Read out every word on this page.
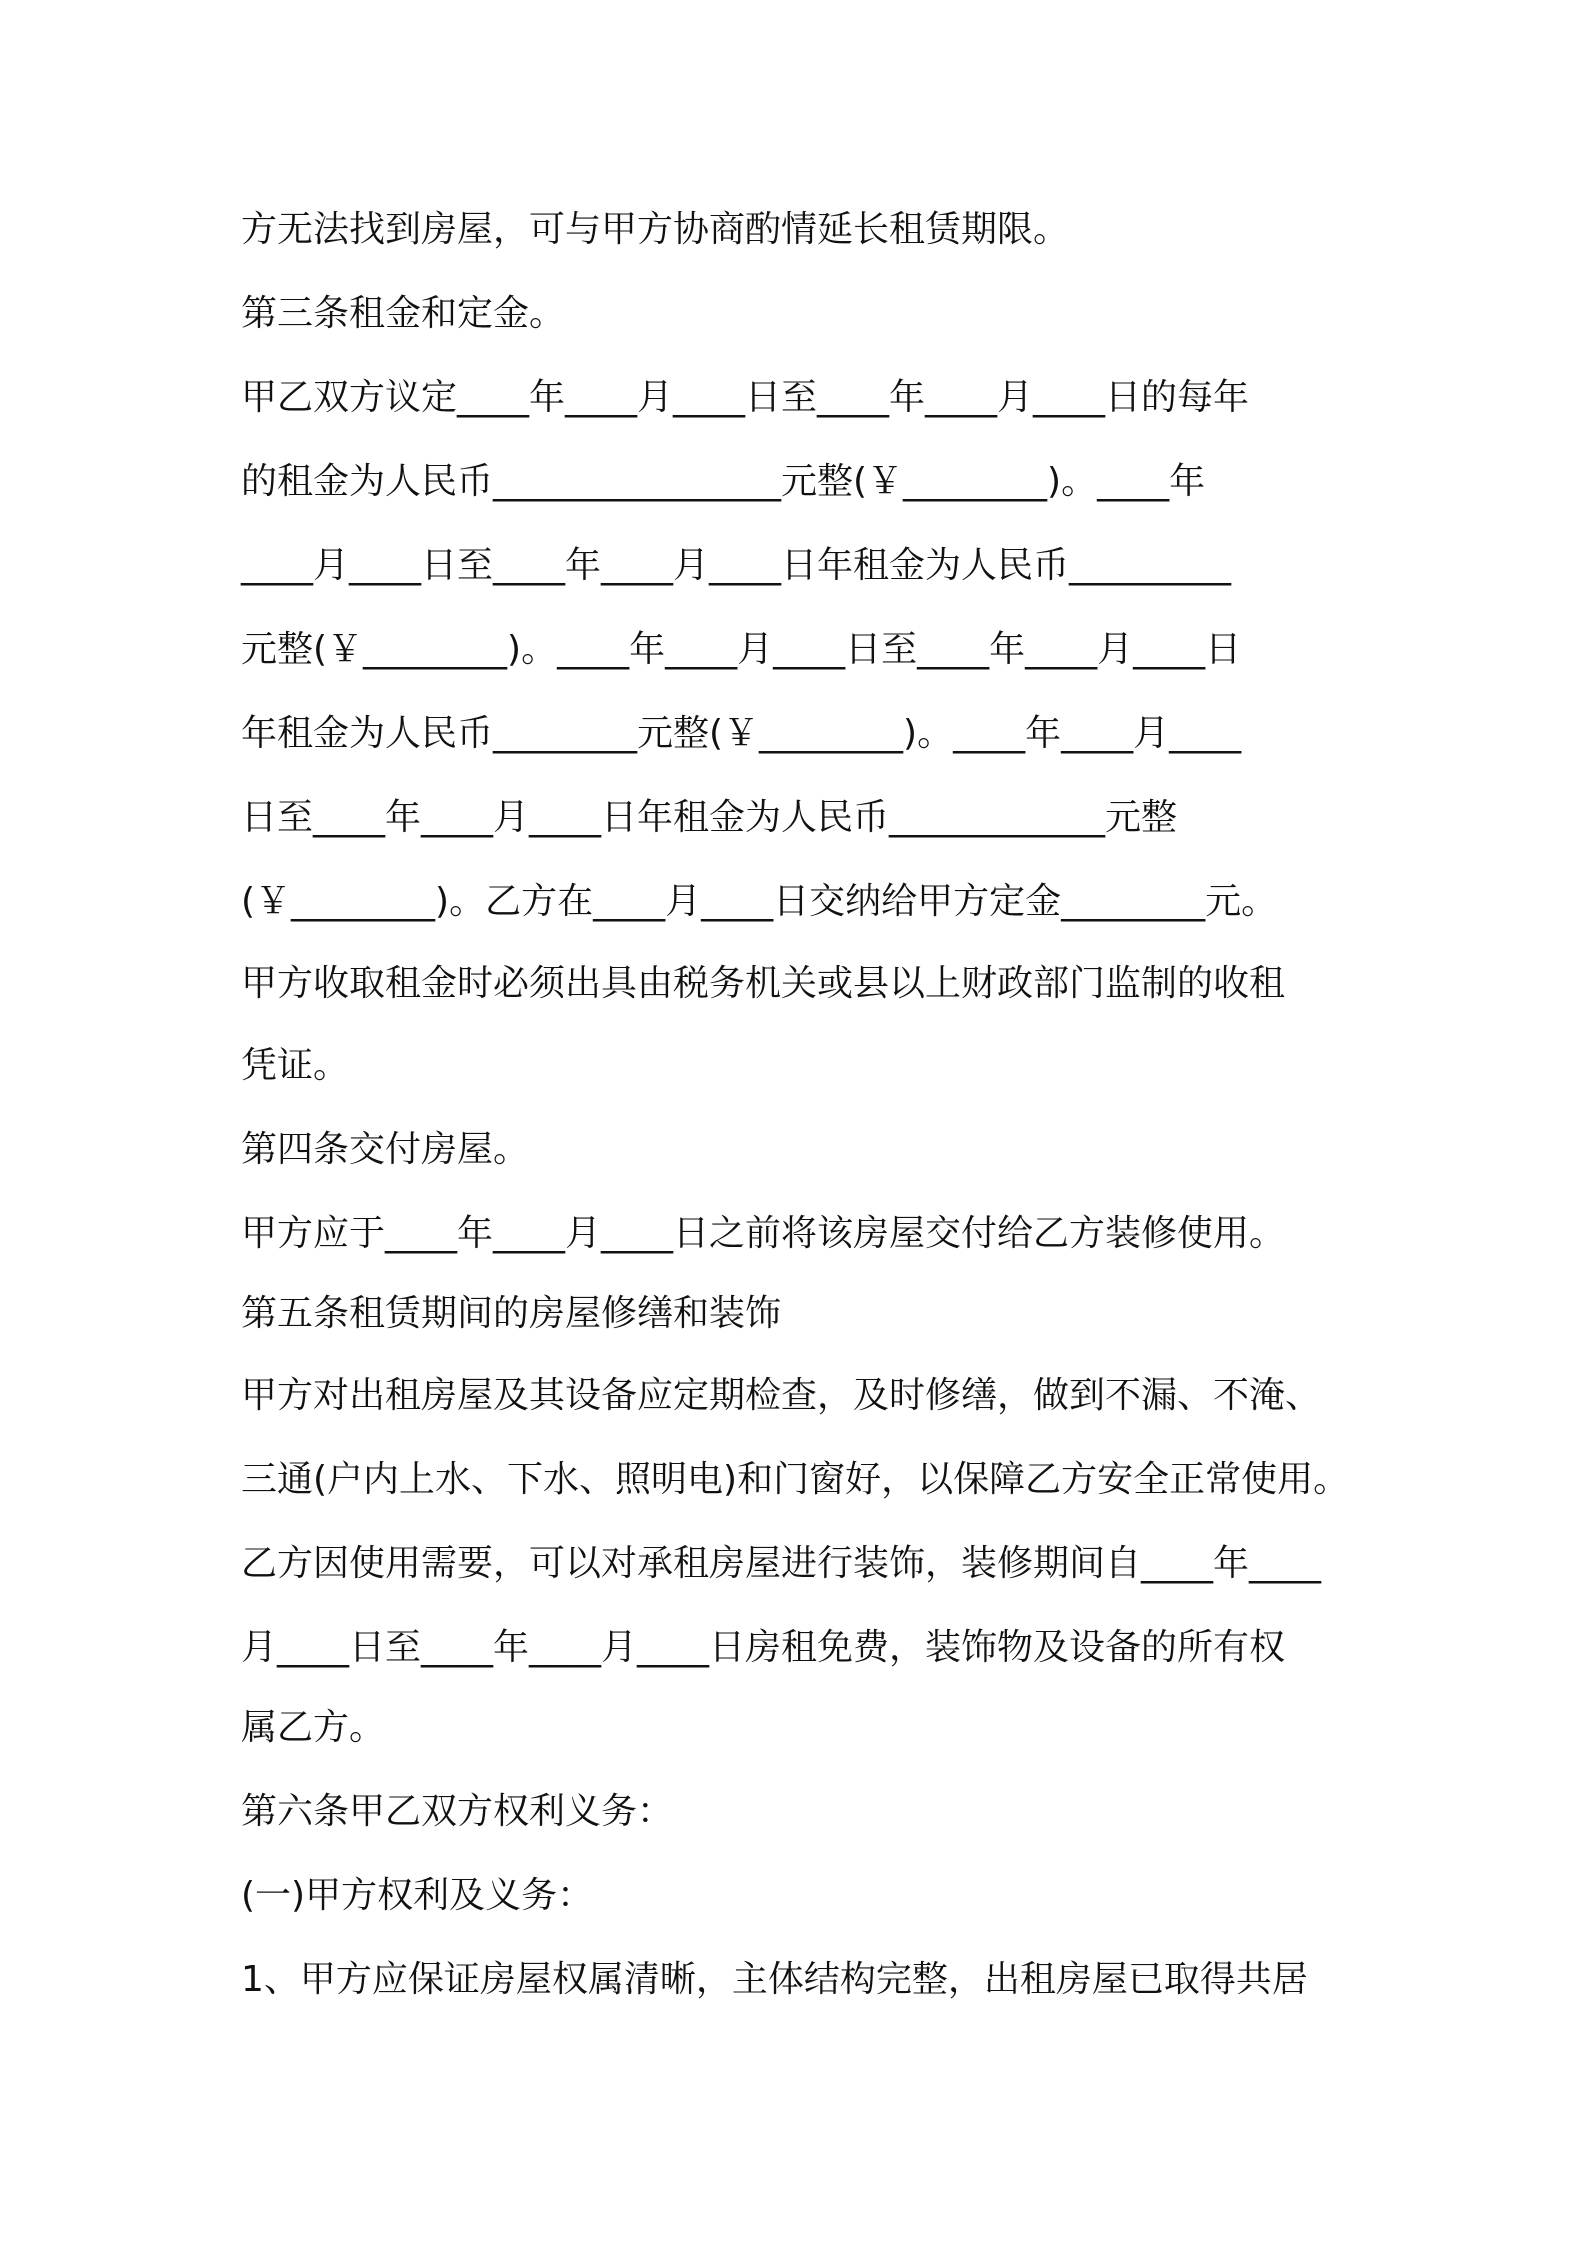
方无法找到房屋，可与甲方协商酌情延长租赁期限。
第三条租金和定金。
甲乙双方议定____年____月____日至____年____月____日的每年
的租金为人民币________________元整(￥________)。____年
____月____日至____年____月____日年租金为人民币_________
元整(￥________)。____年____月____日至____年____月____日
年租金为人民币________元整(￥________)。____年____月____
日至____年____月____日年租金为人民币____________元整
(￥________)。乙方在____月____日交纳给甲方定金________元。
甲方收取租金时必须出具由税务机关或县以上财政部门监制的收租
凭证。
第四条交付房屋。
甲方应于____年____月____日之前将该房屋交付给乙方装修使用。
第五条租赁期间的房屋修缮和装饰
甲方对出租房屋及其设备应定期检查，及时修缮，做到不漏、不淹、
三通(户内上水、下水、照明电)和门窗好，以保障乙方安全正常使用。
乙方因使用需要，可以对承租房屋进行装饰，装修期间自____年____
月____日至____年____月____日房租免费，装饰物及设备的所有权
属乙方。
第六条甲乙双方权利义务：
(一)甲方权利及义务：
1、甲方应保证房屋权属清晰，主体结构完整，出租房屋已取得共居
